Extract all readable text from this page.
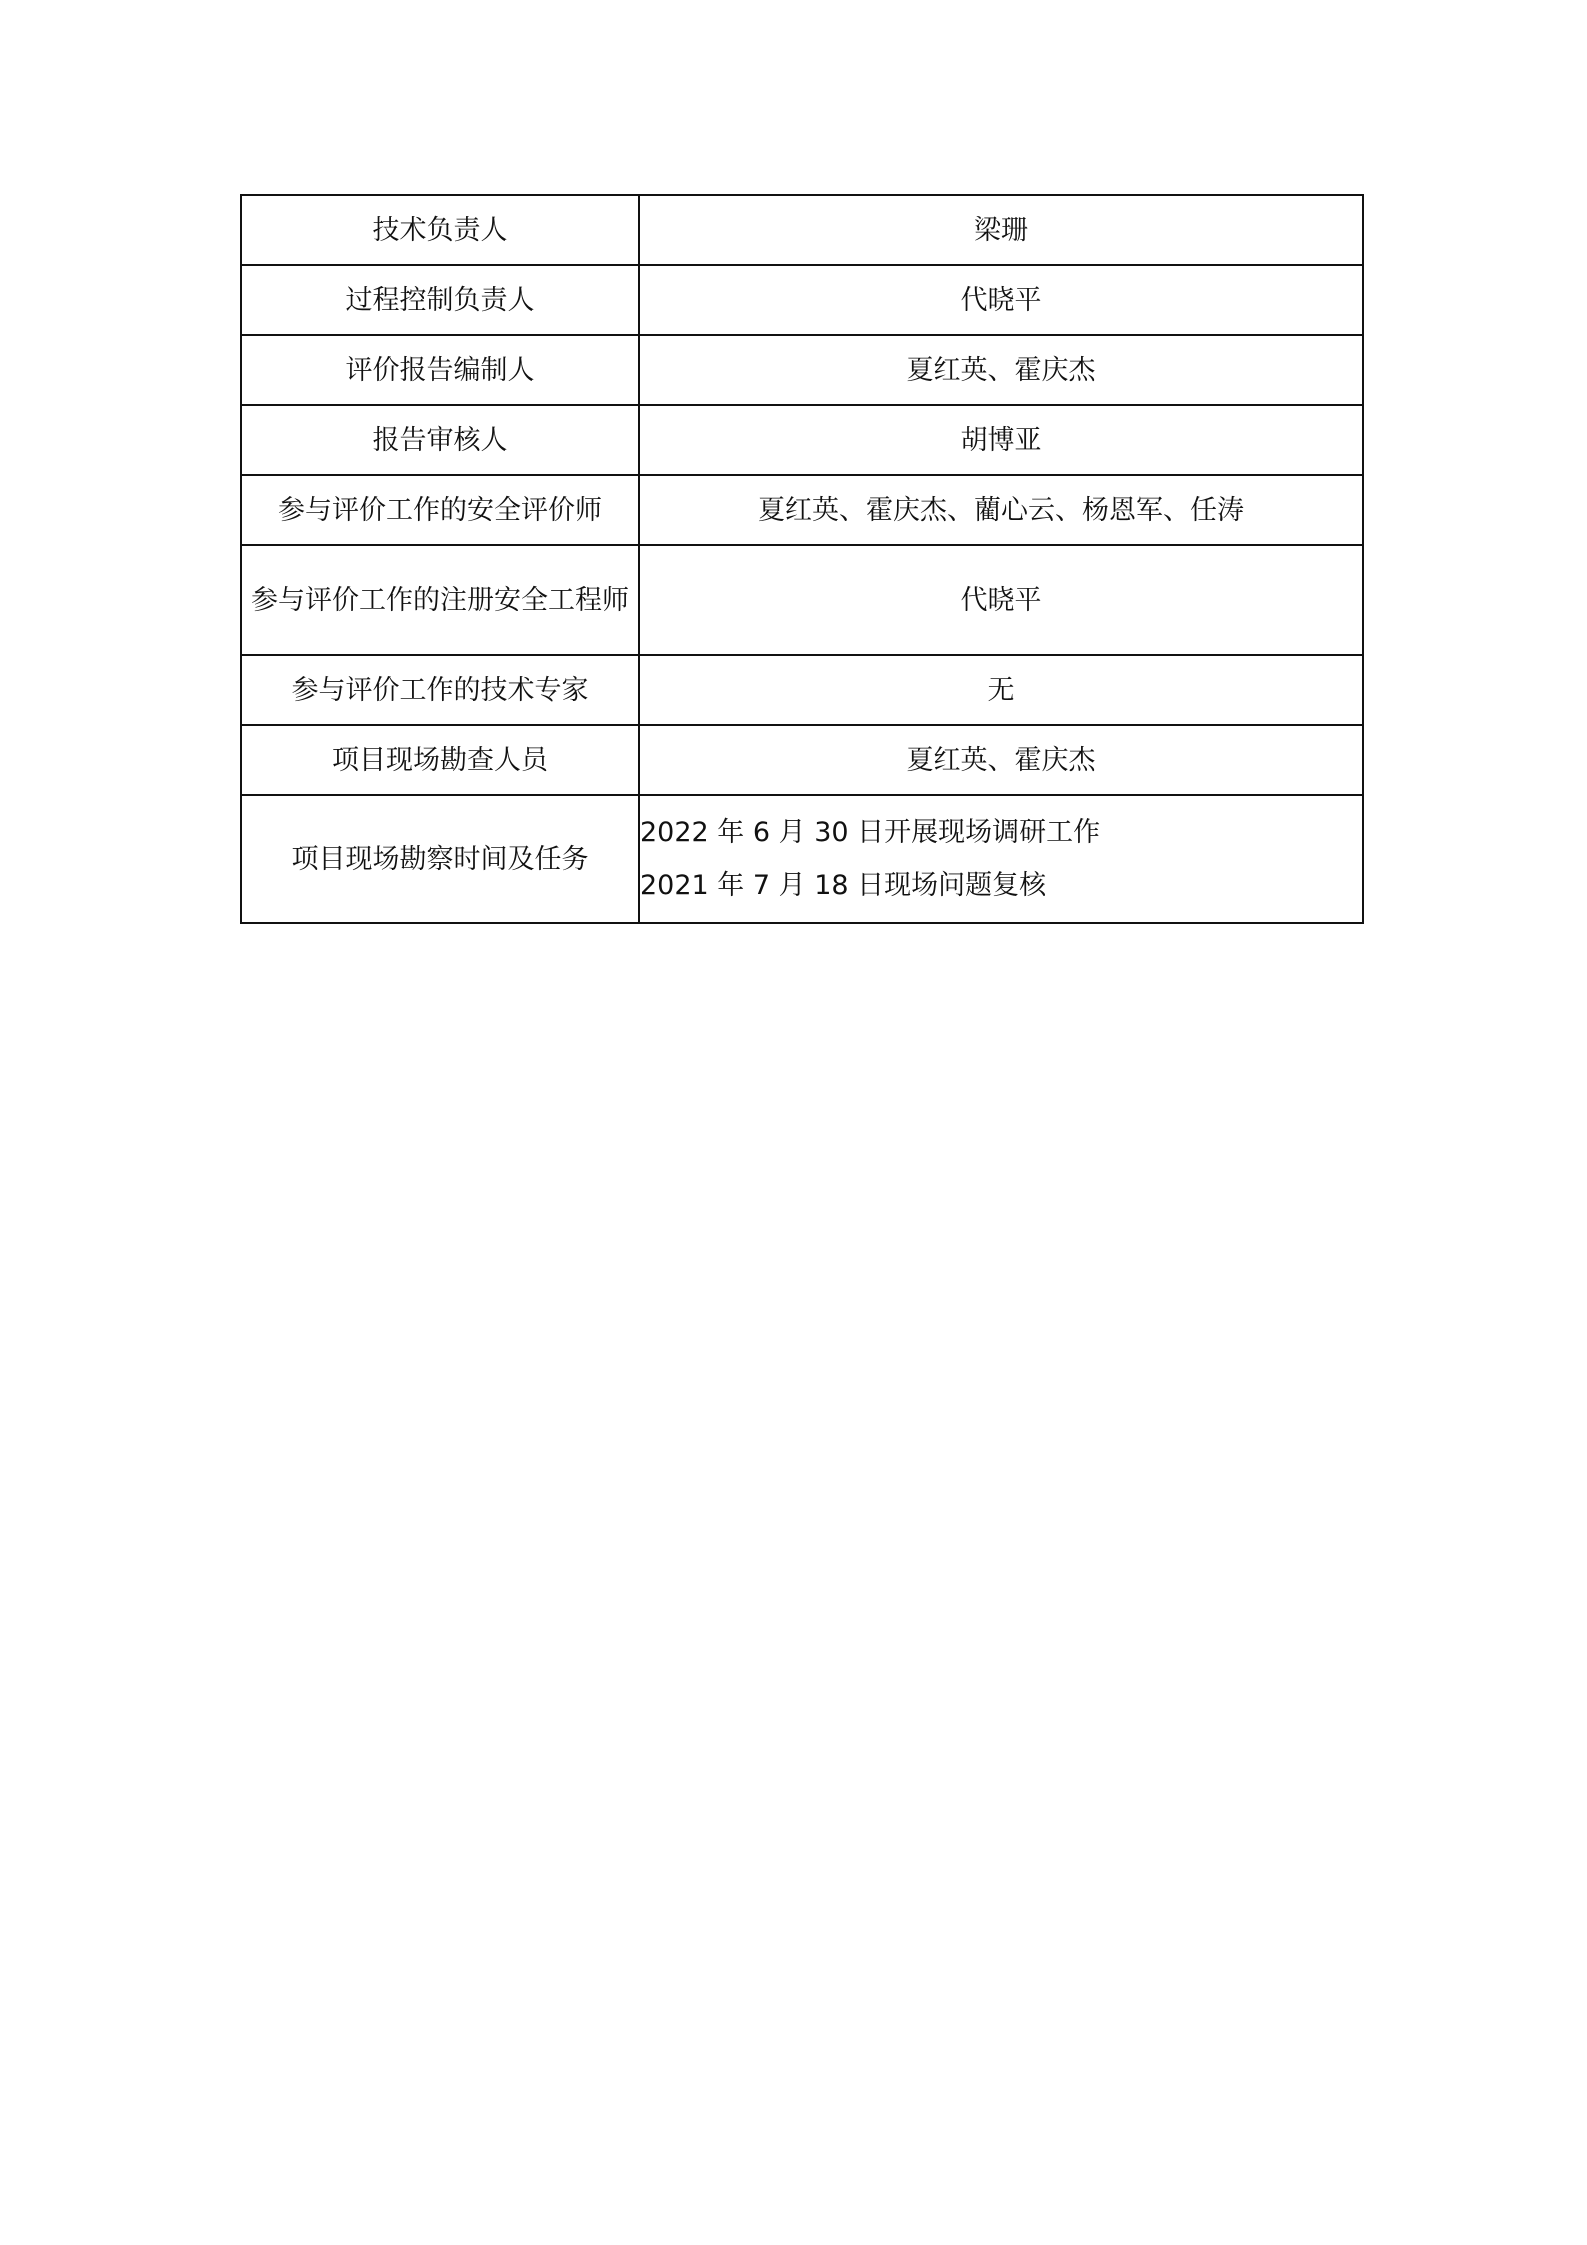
技术负责人	梁珊
过程控制负责人	代晓平
评价报告编制人	夏红英、霍庆杰
报告审核人	胡博亚
参与评价工作的安全评价师	夏红英、霍庆杰、藺心云、杨恩军、任涛
参与评价工作的注册安全工程师	代晓平
参与评价工作的技术专家	无
项目现场勘查人员	夏红英、霍庆杰
项目现场勘察时间及任务	2022 年 6 月 30 日开展现场调研工作
2021 年 7 月 18 日现场问题复核
